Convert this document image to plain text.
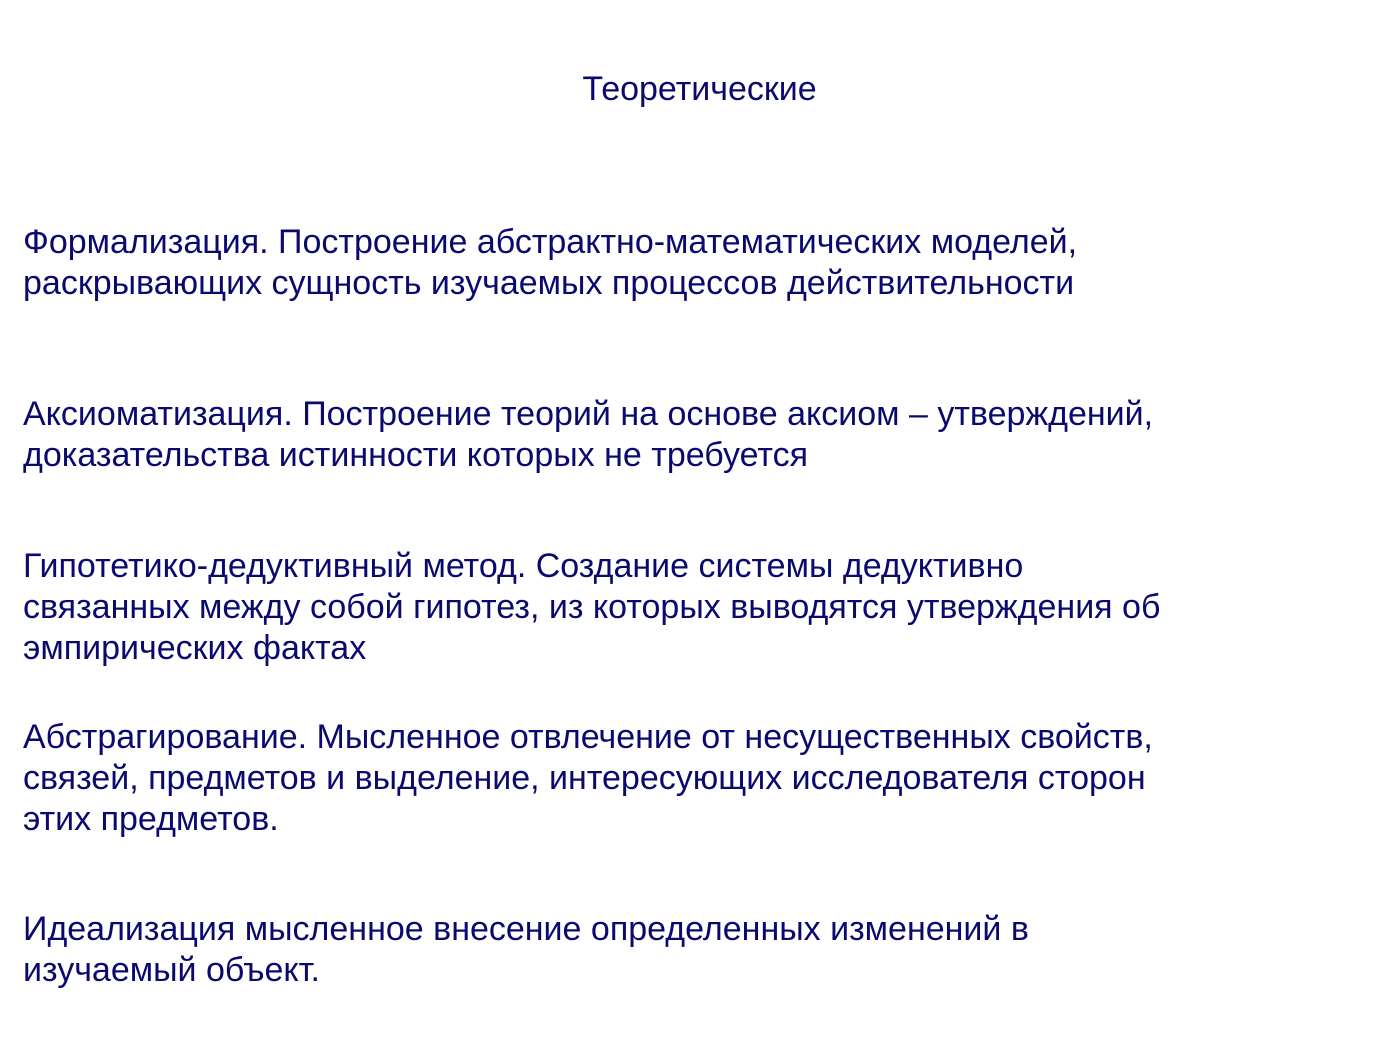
Теоретические
Формализация. Построение абстрактно-математических моделей,
раскрывающих сущность изучаемых процессов действительности
Аксиоматизация. Построение теорий на основе аксиом – утверждений,
доказательства истинности которых не требуется
Гипотетико-дедуктивный метод. Создание системы дедуктивно
связанных между собой гипотез, из которых выводятся утверждения об
эмпирических фактах
Абстрагирование. Мысленное отвлечение от несущественных свойств,
связей, предметов и выделение, интересующих исследователя сторон
этих предметов.
Идеализация мысленное внесение определенных изменений в
изучаемый объект.
